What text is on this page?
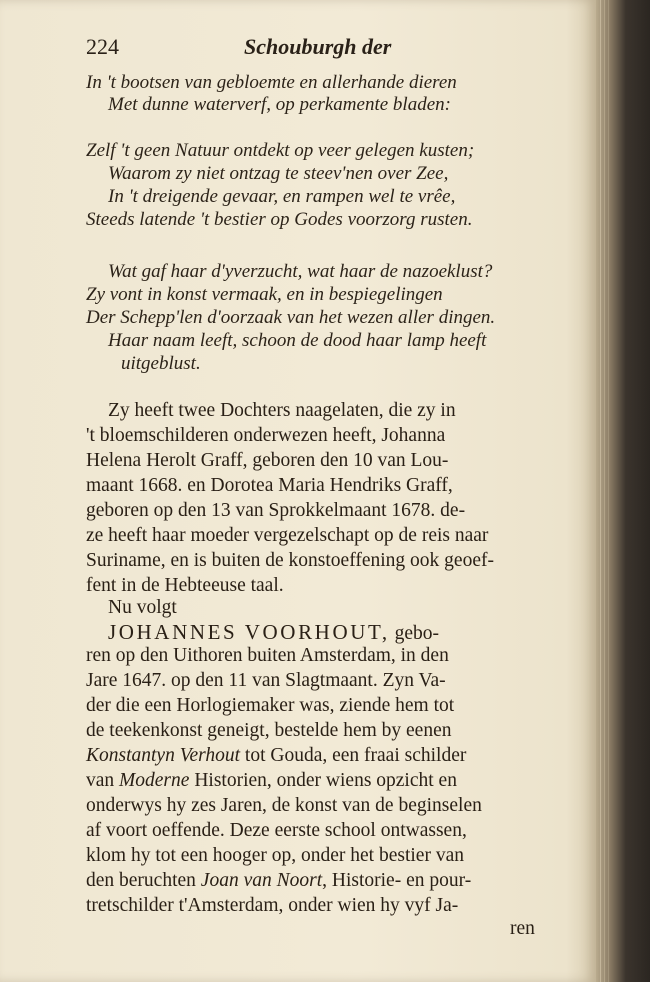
224	Schouburgh der
In 't bootsen van gebloemte en allerhande dieren
Met dunne waterverf, op perkamente bladen:
Zelf 't geen Natuur ontdekt op veer gelegen kusten;
Waarom zy niet ontzag te steev'nen over Zee,
In 't dreigende gevaar, en rampen wel te vrêe,
Steeds latende 't bestier op Godes voorzorg rusten.
Wat gaf haar d'yverzucht, wat haar de nazoeklust?
Zy vont in konst vermaak, en in bespiegelingen
Der Schepp'len d'oorzaak van het wezen aller dingen.
Haar naam leeft, schoon de dood haar lamp heeft
uitgeblust.
Zy heeft twee Dochters naagelaten, die zy in
't bloemschilderen onderwezen heeft, Johanna
Helena Herolt Graff, geboren den 10 van Lou-
maant 1668. en Dorotea Maria Hendriks Graff,
geboren op den 13 van Sprokkelmaant 1678. de-
ze heeft haar moeder vergezelschapt op de reis naar
Suriname, en is buiten de konstoeffening ook geoef-
fent in de Hebteeuse taal.
Nu volgt
JOHANNES VOORHOUT, gebo-
ren op den Uithoren buiten Amsterdam, in den
Jare 1647. op den 11 van Slagtmaant. Zyn Va-
der die een Horlogiemaker was, ziende hem tot
de teekenkonst geneigt, bestelde hem by eenen
Konstantyn Verhout tot Gouda, een fraai schilder
van Moderne Historien, onder wiens opzicht en
onderwys hy zes Jaren, de konst van de beginselen
af voort oeffende. Deze eerste school ontwassen,
klom hy tot een hooger op, onder het bestier van
den beruchten Joan van Noort, Historie- en pour-
tretschilder t'Amsterdam, onder wien hy vyf Ja-
ren
